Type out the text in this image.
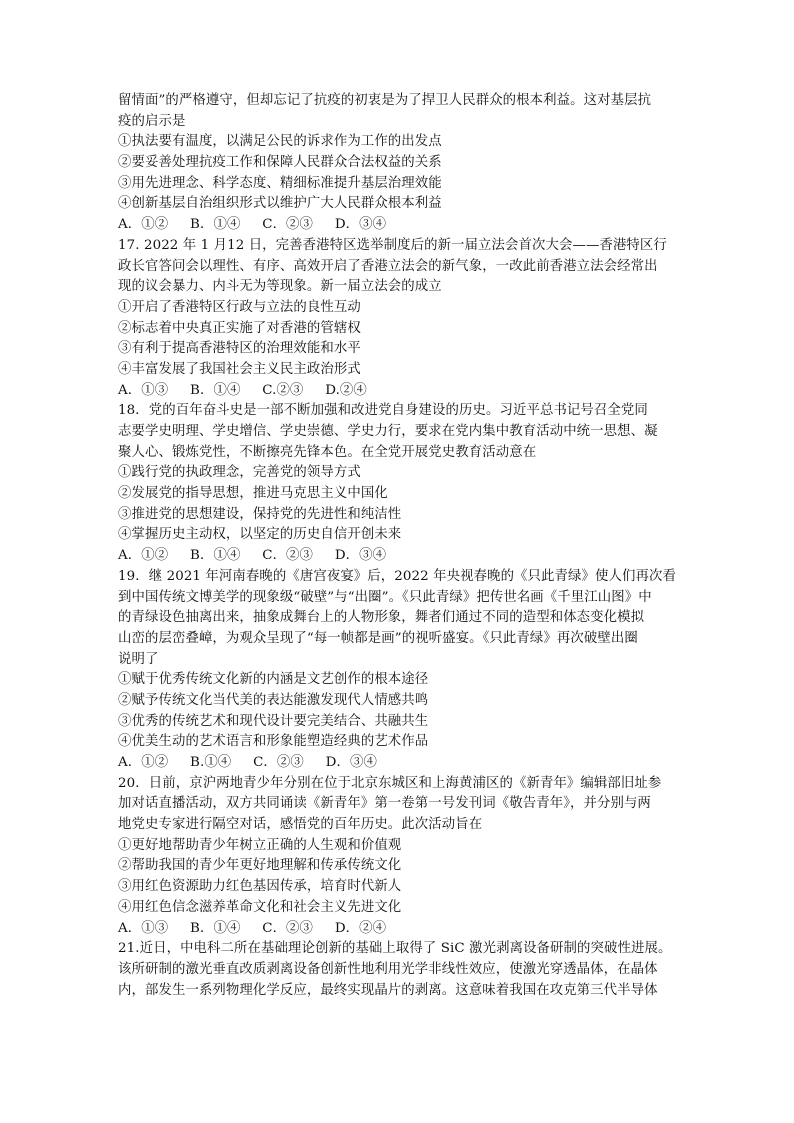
留情面”的严格遵守，但却忘记了抗疫的初衷是为了捍卫人民群众的根本利益。这对基层抗
疫的启示是
①执法要有温度，以满足公民的诉求作为工作的出发点
②要妥善处理抗疫工作和保障人民群众合法权益的关系
③用先进理念、科学态度、精细标准提升基层治理效能
④创新基层自治组织形式以维护广大人民群众根本利益
A．①②     B．①④     C．②③     D．③④
17. 2022 年 1 月12 日，完善香港特区选举制度后的新一届立法会首次大会——香港特区行
政长官答问会以理性、有序、高效开启了香港立法会的新气象，一改此前香港立法会经常出
现的议会暴力、内斗无为等现象。新一届立法会的成立
①开启了香港特区行政与立法的良性互动
②标志着中央真正实施了对香港的管辖权
③有利于提高香港特区的治理效能和水平
④丰富发展了我国社会主义民主政治形式
A．①③     B．①④     C.②③     D.②④
18．党的百年奋斗史是一部不断加强和改进党自身建设的历史。习近平总书记号召全党同
志要学史明理、学史增信、学史崇德、学史力行，要求在党内集中教育活动中统一思想、凝
聚人心、锻炼党性，不断擦亮先锋本色。在全党开展党史教育活动意在
①践行党的执政理念，完善党的领导方式
②发展党的指导思想，推进马克思主义中国化
③推进党的思想建设，保持党的先进性和纯洁性
④掌握历史主动权，以坚定的历史自信开创未来
A．①②     B．①④     C．②③     D．③④
19．继 2021 年河南春晚的《唐宫夜宴》后，2022 年央视春晚的《只此青绿》使人们再次看
到中国传统文博美学的现象级“破壁”与“出圈”。《只此青绿》把传世名画《千里江山图》中
的青绿设色抽离出来，抽象成舞台上的人物形象，舞者们通过不同的造型和体态变化模拟
山峦的层峦叠嶂，为观众呈现了“每一帧都是画”的视听盛宴。《只此青绿》再次破壁出圈
说明了
①赋于优秀传统文化新的内涵是文艺创作的根本途径
②赋予传统文化当代美的表达能激发现代人情感共鸣
③优秀的传统艺术和现代设计要完美结合、共融共生
④优美生动的艺术语言和形象能塑造经典的艺术作品
A．①②     B.①④     C．②③     D．③④
20．日前，京沪两地青少年分别在位于北京东城区和上海黄浦区的《新青年》编辑部旧址参
加对话直播活动，双方共同诵读《新青年》第一卷第一号发刊词《敬告青年》，并分别与两
地党史专家进行隔空对话，感悟党的百年历史。此次活动旨在
①更好地帮助青少年树立正确的人生观和价值观
②帮助我国的青少年更好地理解和传承传统文化
③用红色资源助力红色基因传承，培育时代新人
④用红色信念滋养革命文化和社会主义先进文化
A．①③     B．①④     C．②③     D．②④
21.近日，中电科二所在基础理论创新的基础上取得了 SiC 激光剥离设备研制的突破性进展。
该所研制的激光垂直改质剥离设备创新性地利用光学非线性效应，使激光穿透晶体，在晶体
内，部发生一系列物理化学反应，最终实现晶片的剥离。这意味着我国在攻克第三代半导体
